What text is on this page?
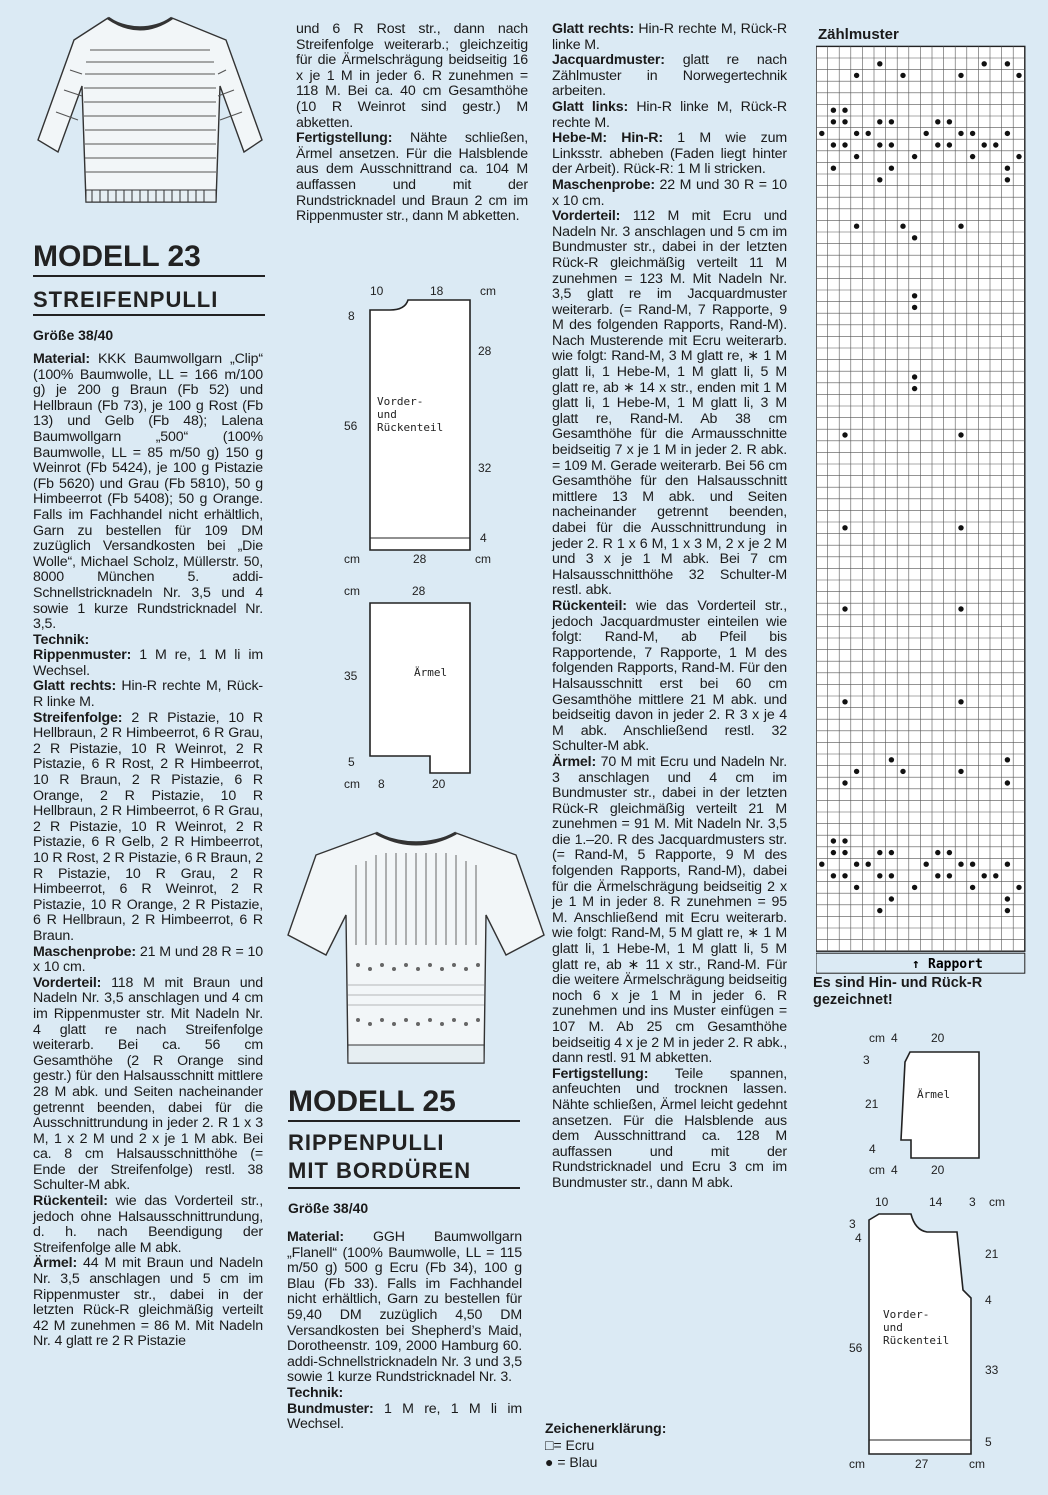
MODELL 23
STREIFENPULLI
Größe 38/40

Material: KKK Baumwollgarn „Clip“ (100% Baumwolle, LL = 166 m/100 g) je 200 g Braun (Fb 52) und Hellbraun (Fb 73), je 100 g Rost (Fb 13) und Gelb (Fb 48); Lalena Baumwollgarn „500“ (100% Baumwolle, LL = 85 m/50 g) 150 g Weinrot (Fb 5424), je 100 g Pistazie (Fb 5620) und Grau (Fb 5810), 50 g Himbeerrot (Fb 5408); 50 g Orange. Falls im Fachhandel nicht erhältlich, Garn zu bestellen für 109 DM zuzüglich Versandkosten bei „Die Wolle“, Michael Scholz, Müllerstr. 50, 8000 München 5. addi-Schnellstricknadeln Nr. 3,5 und 4 sowie 1 kurze Rundstricknadel Nr. 3,5.

Technik:

Rippenmuster: 1 M re, 1 M li im Wechsel.

Glatt rechts: Hin-R rechte M, Rück-R linke M.

Streifenfolge: 2 R Pistazie, 10 R Hellbraun, 2 R Himbeerrot, 6 R Grau, 2 R Pistazie, 10 R Weinrot, 2 R Pistazie, 6 R Rost, 2 R Himbeerrot, 10 R Braun, 2 R Pistazie, 6 R Orange, 2 R Pistazie, 10 R Hellbraun, 2 R Himbeerrot, 6 R Grau, 2 R Pistazie, 10 R Weinrot, 2 R Pistazie, 6 R Gelb, 2 R Himbeerrot, 10 R Rost, 2 R Pistazie, 6 R Braun, 2 R Pistazie, 10 R Grau, 2 R Himbeerrot, 6 R Weinrot, 2 R Pistazie, 10 R Orange, 2 R Pistazie, 6 R Hellbraun, 2 R Himbeerrot, 6 R Braun.

Maschenprobe: 21 M und 28 R = 10 x 10 cm.

Vorderteil: 118 M mit Braun und Nadeln Nr. 3,5 anschlagen und 4 cm im Rippenmuster str. Mit Nadeln Nr. 4 glatt re nach Streifenfolge weiterarb. Bei ca. 56 cm Gesamthöhe (2 R Orange sind gestr.) für den Halsausschnitt mittlere 28 M abk. und Seiten nacheinander getrennt beenden, dabei für die Ausschnittrundung in jeder 2. R 1 x 3 M, 1 x 2 M und 2 x je 1 M abk. Bei ca. 8 cm Halsausschnitthöhe (= Ende der Streifenfolge) restl. 38 Schulter-M abk.

Rückenteil: wie das Vorderteil str., jedoch ohne Halsausschnittrundung, d. h. nach Beendigung der Streifenfolge alle M abk.

Ärmel: 44 M mit Braun und Nadeln Nr. 3,5 anschlagen und 5 cm im Rippenmuster str., dabei in der letzten Rück-R gleichmäßig verteilt 42 M zunehmen = 86 M. Mit Nadeln Nr. 4 glatt re 2 R Pistazie

und 6 R Rost str., dann nach Streifenfolge weiterarb.; gleichzeitig für die Ärmelschrägung beidseitig 16 x je 1 M in jeder 6. R zunehmen = 118 M. Bei ca. 40 cm Gesamthöhe (10 R Weinrot sind gestr.) M abketten.

Fertigstellung: Nähte schließen, Ärmel ansetzen. Für die Halsblende aus dem Ausschnittrand ca. 104 M auffassen und mit der Rundstricknadel und Braun 2 cm im Rippenmuster str., dann M abketten.

10	18	cm
8
28
56
32
4
28
cm	cm
Vorder-
und
Rückenteil
cm	28
35
5
8	20
cm
Ärmel
MODELL 25
RIPPENPULLI
MIT BORDÜREN
Größe 38/40

Material: GGH Baumwollgarn „Flanell“ (100% Baumwolle, LL = 115 m/50 g) 500 g Ecru (Fb 34), 100 g Blau (Fb 33). Falls im Fachhandel nicht erhältlich, Garn zu bestellen für 59,40 DM zuzüglich 4,50 DM Versandkosten bei Shepherd’s Maid, Dorotheenstr. 109, 2000 Hamburg 60. addi-Schnellstricknadeln Nr. 3 und 3,5 sowie 1 kurze Rundstricknadel Nr. 3.

Technik:

Bundmuster: 1 M re, 1 M li im Wechsel.

Glatt rechts: Hin-R rechte M, Rück-R linke M.

Jacquardmuster: glatt re nach Zählmuster in Norwegertechnik arbeiten.

Glatt links: Hin-R linke M, Rück-R rechte M.

Hebe-M: Hin-R: 1 M wie zum Linksstr. abheben (Faden liegt hinter der Arbeit). Rück-R: 1 M li stricken.

Maschenprobe: 22 M und 30 R = 10 x 10 cm.

Vorderteil: 112 M mit Ecru und Nadeln Nr. 3 anschlagen und 5 cm im Bundmuster str., dabei in der letzten Rück-R gleichmäßig verteilt 11 M zunehmen = 123 M. Mit Nadeln Nr. 3,5 glatt re im Jacquardmuster weiterarb. (= Rand-M, 7 Rapporte, 9 M des folgenden Rapports, Rand-M). Nach Musterende mit Ecru weiterarb. wie folgt: Rand-M, 3 M glatt re, ∗ 1 M glatt li, 1 Hebe-M, 1 M glatt li, 5 M glatt re, ab ∗ 14 x str., enden mit 1 M glatt li, 1 Hebe-M, 1 M glatt li, 3 M glatt re, Rand-M. Ab 38 cm Gesamthöhe für die Armausschnitte beidseitig 7 x je 1 M in jeder 2. R abk. = 109 M. Gerade weiterarb. Bei 56 cm Gesamthöhe für den Halsausschnitt mittlere 13 M abk. und Seiten nacheinander getrennt beenden, dabei für die Ausschnittrundung in jeder 2. R 1 x 6 M, 1 x 3 M, 2 x je 2 M und 3 x je 1 M abk. Bei 7 cm Halsausschnitthöhe 32 Schulter-M restl. abk.

Rückenteil: wie das Vorderteil str., jedoch Jacquardmuster einteilen wie folgt: Rand-M, ab Pfeil bis Rapportende, 7 Rapporte, 1 M des folgenden Rapports, Rand-M. Für den Halsausschnitt erst bei 60 cm Gesamthöhe mittlere 21 M abk. und beidseitig davon in jeder 2. R 3 x je 4 M abk. Anschließend restl. 32 Schulter-M abk.

Ärmel: 70 M mit Ecru und Nadeln Nr. 3 anschlagen und 4 cm im Bundmuster str., dabei in der letzten Rück-R gleichmäßig verteilt 21 M zunehmen = 91 M. Mit Nadeln Nr. 3,5 die 1.–20. R des Jacquardmusters str. (= Rand-M, 5 Rapporte, 9 M des folgenden Rapports, Rand-M), dabei für die Ärmelschrägung beidseitig 2 x je 1 M in jeder 8. R zunehmen = 95 M. Anschließend mit Ecru weiterarb. wie folgt: Rand-M, 5 M glatt re, ∗ 1 M glatt li, 1 Hebe-M, 1 M glatt li, 5 M glatt re, ab ∗ 11 x str., Rand-M. Für die weitere Ärmelschrägung beidseitig noch 6 x je 1 M in jeder 6. R zunehmen und ins Muster einfügen = 107 M. Ab 25 cm Gesamthöhe beidseitig 4 x je 2 M in jeder 2. R abk., dann restl. 91 M abketten.

Fertigstellung: Teile spannen, anfeuchten und trocknen lassen. Nähte schließen, Ärmel leicht gedehnt ansetzen. Für die Halsblende aus dem Ausschnittrand ca. 128 M auffassen und mit der Rundstricknadel und Ecru 3 cm im Bundmuster str., dann M abk.

Zeichenerklärung:
□= Ecru
● = Blau
Zählmuster
↑ Rapport
Es sind Hin- und Rück-R gezeichnet!
cm 4	20
3
21
4
cm 4	20
Ärmel
10	14 3 cm
3
4
21
4
56
33
5
cm	27	cm
Vorder-
und
Rückenteil
